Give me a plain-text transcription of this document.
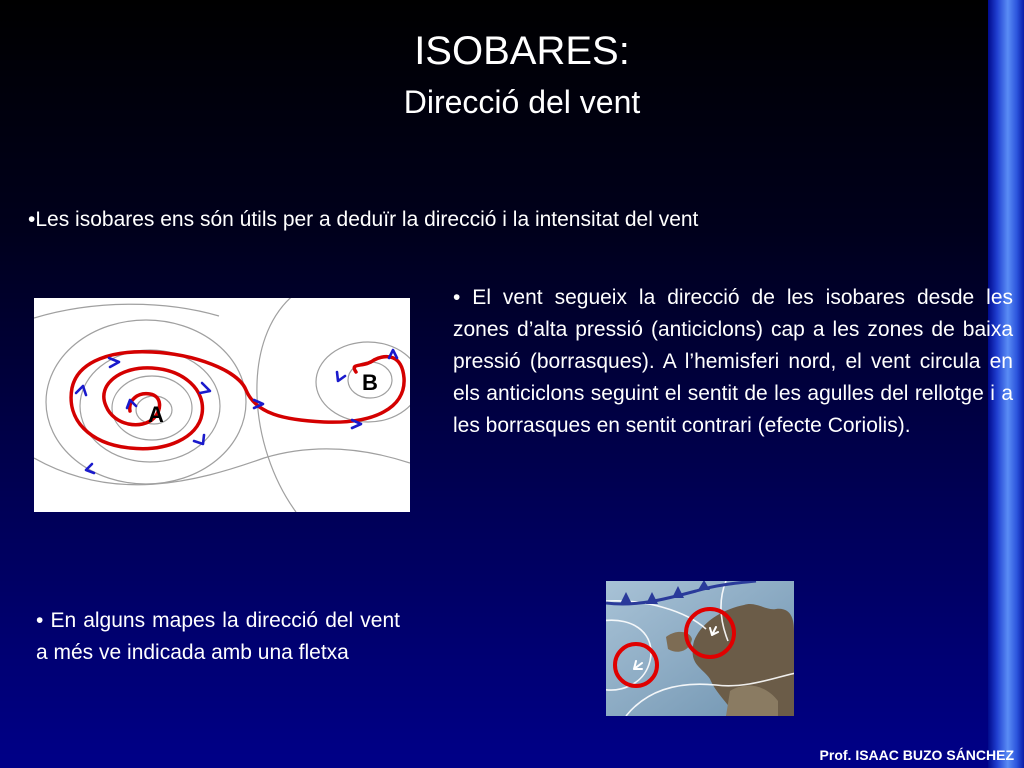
ISOBARES:
Direcció del vent
•Les isobares ens són útils per a deduïr la direcció i la intensitat del vent
A
B
• El vent segueix la direcció de les isobares desde les zones d’alta pressió (anticiclons) cap a les zones de baixa pressió (borrasques). A l’hemisferi nord, el vent circula en els anticiclons seguint el sentit de les agulles del rellotge i a les borrasques en sentit contrari (efecte Coriolis).
• En alguns mapes la direcció del vent a més ve indicada amb una fletxa
Prof. ISAAC BUZO SÁNCHEZ
